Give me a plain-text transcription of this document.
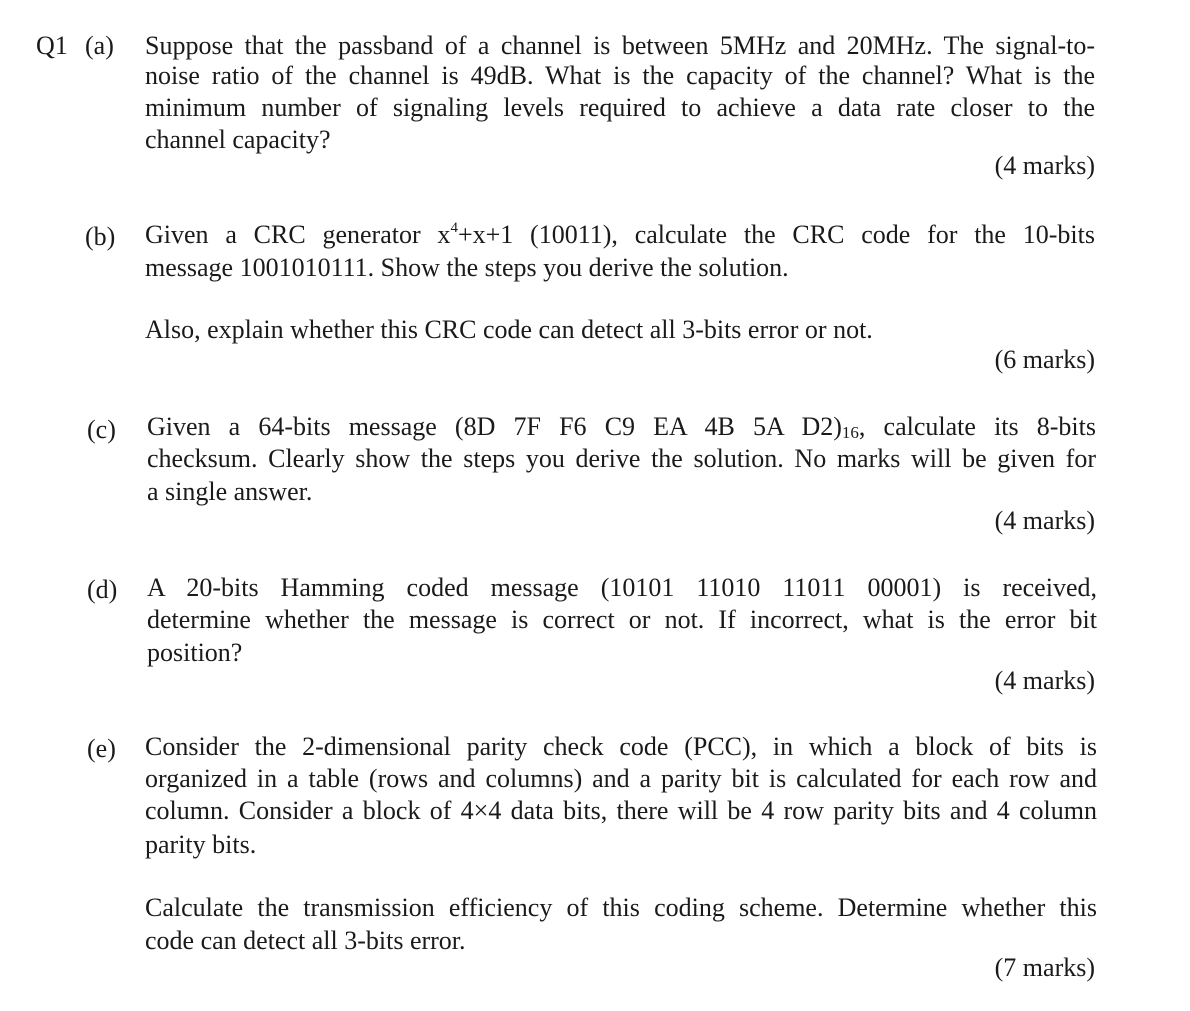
Q1 (a) Suppose that the passband of a channel is between 5MHz and 20MHz. The signal-to-
noise ratio of the channel is 49dB. What is the capacity of the channel? What is the
minimum number of signaling levels required to achieve a data rate closer to the
channel capacity?
(4 marks)
(b) Given a CRC generator $x^4+x+1$ (10011), calculate the CRC code for the 10-bits
message 1001010111. Show the steps you derive the solution.
Also, explain whether this CRC code can detect all 3-bits error or not.
(6 marks)
(c) Given a 64-bits message (8D 7F F6 C9 EA 4B 5A $D2)_{16}$, calculate its 8-bits
checksum. Clearly show the steps you derive the solution. No marks will be given for
a single answer.
(4 marks)
(d) A 20-bits Hamming coded message (10101 11010 11011 00001) is received,
determine whether the message is correct or not. If incorrect, what is the error bit
position?
(4 marks)
(e) Consider the 2-dimensional parity check code (PCC), in which a block of bits is
organized in a table (rows and columns) and a parity bit is calculated for each row and
column. Consider a block of 4×4 data bits, there will be 4 row parity bits and 4 column
parity bits.
Calculate the transmission efficiency of this coding scheme. Determine whether this
code can detect all 3-bits error.
(7 marks)
